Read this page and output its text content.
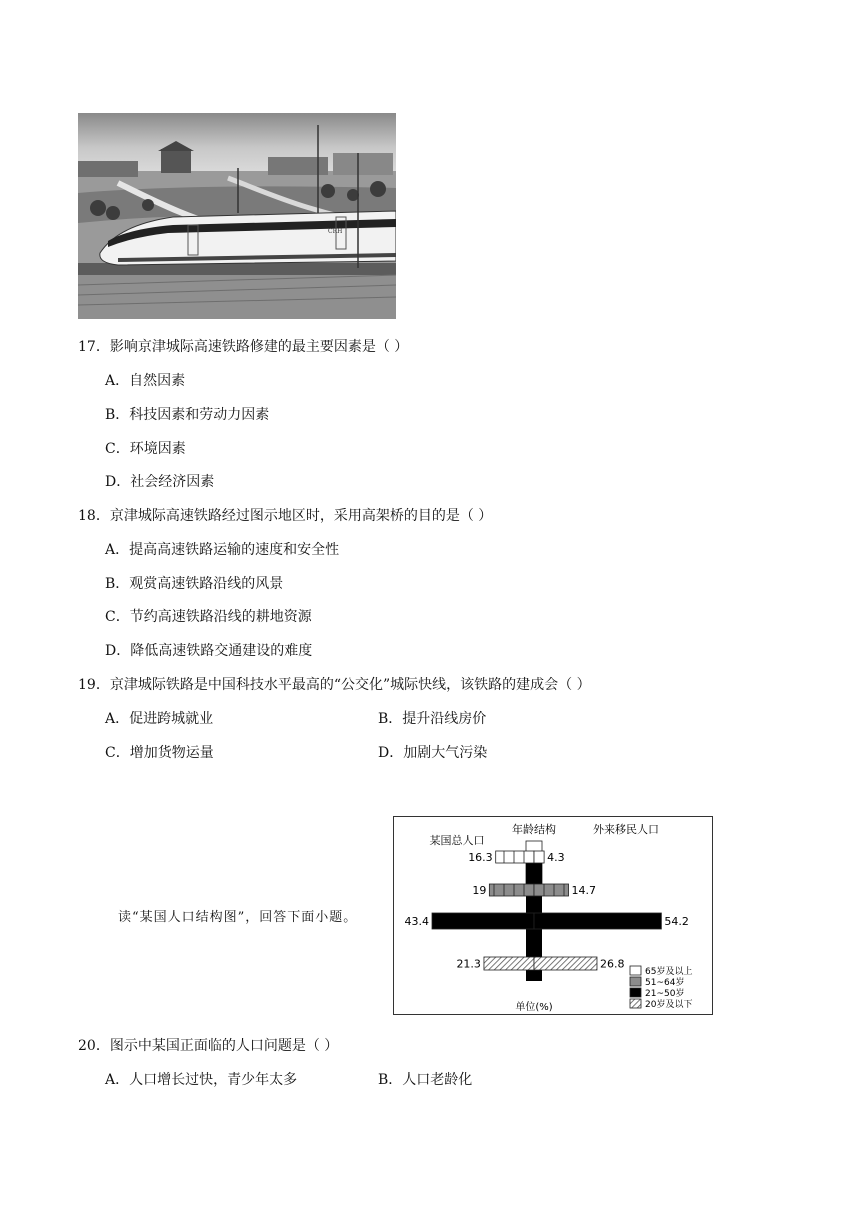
CRH
17．影响京津城际高速铁路修建的最主要因素是（ ）
A．自然因素
B．科技因素和劳动力因素
C．环境因素
D．社会经济因素
18．京津城际高速铁路经过图示地区时，采用高架桥的目的是（ ）
A．提高高速铁路运输的速度和安全性
B．观赏高速铁路沿线的风景
C．节约高速铁路沿线的耕地资源
D．降低高速铁路交通建设的难度
19．京津城际铁路是中国科技水平最高的“公交化”城际快线，该铁路的建成会（ ）
A．促进跨城就业	B．提升沿线房价
C．增加货物运量	D．加剧大气污染
读“某国人口结构图”，回答下面小题。
年龄结构
某国总人口
外来移民人口
单位(%)
16.3	4.3
19	14.7
43.4	54.2
21.3	26.8
65岁及以上
51~64岁
21~50岁
20岁及以下
20．图示中某国正面临的人口问题是（ ）
A．人口增长过快，青少年太多	B．人口老龄化
